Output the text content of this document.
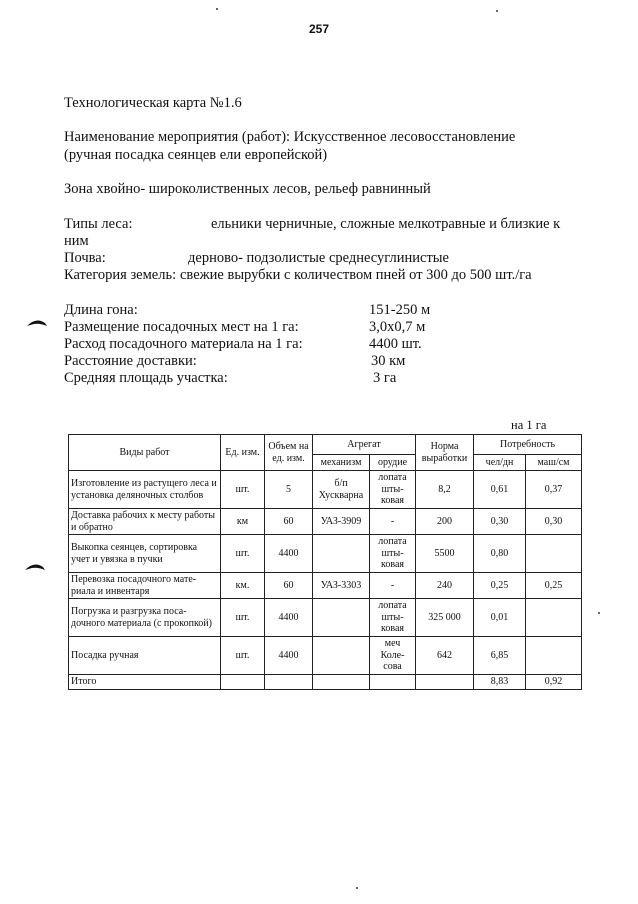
257
Технологическая карта №1.6
Наименование мероприятия (работ): Искусственное лесовосстановление
(ручная посадка сеянцев ели европейской)
Зона хвойно- широколиственных лесов, рельеф равнинный
Типы леса:	ельники черничные, сложные мелкотравные и близкие к
ним
Почва:	дерново- подзолистые среднесуглинистые
Категория земель: свежие вырубки с количеством пней от 300 до 500 шт./га
Длина гона:	151-250 м
Размещение посадочных мест на 1 га:	3,0х0,7 м
Расход посадочного материала на 1 га:	4400 шт.
Расстояние доставки:	30 км
Средняя площадь участка:	3 га
на 1 га
Виды работ	Ед. изм.	Объем на ед. изм.	Агрегат		Норма выработки	Потребность	
			механизм	орудие		чел/дн	маш/см
Изготовление из растущего леса и установка деляночных столбов	шт.	5	б/п Хускварна	лопата шты-ковая	8,2	0,61	0,37
Доставка рабочих к месту работы и обратно	км	60	УАЗ-3909	-	200	0,30	0,30
Выкопка сеянцев, сортировка учет и увязка в пучки	шт.	4400		лопата шты-ковая	5500	0,80	
Перевозка посадочного мате-риала и инвентаря	км.	60	УАЗ-3303	-	240	0,25	0,25
Погрузка и разгрузка поса-дочного материала (с прокопкой)	шт.	4400		лопата шты-ковая	325 000	0,01	
Посадка ручная	шт.	4400		меч Коле-сова	642	6,85	
Итого						8,83	0,92
